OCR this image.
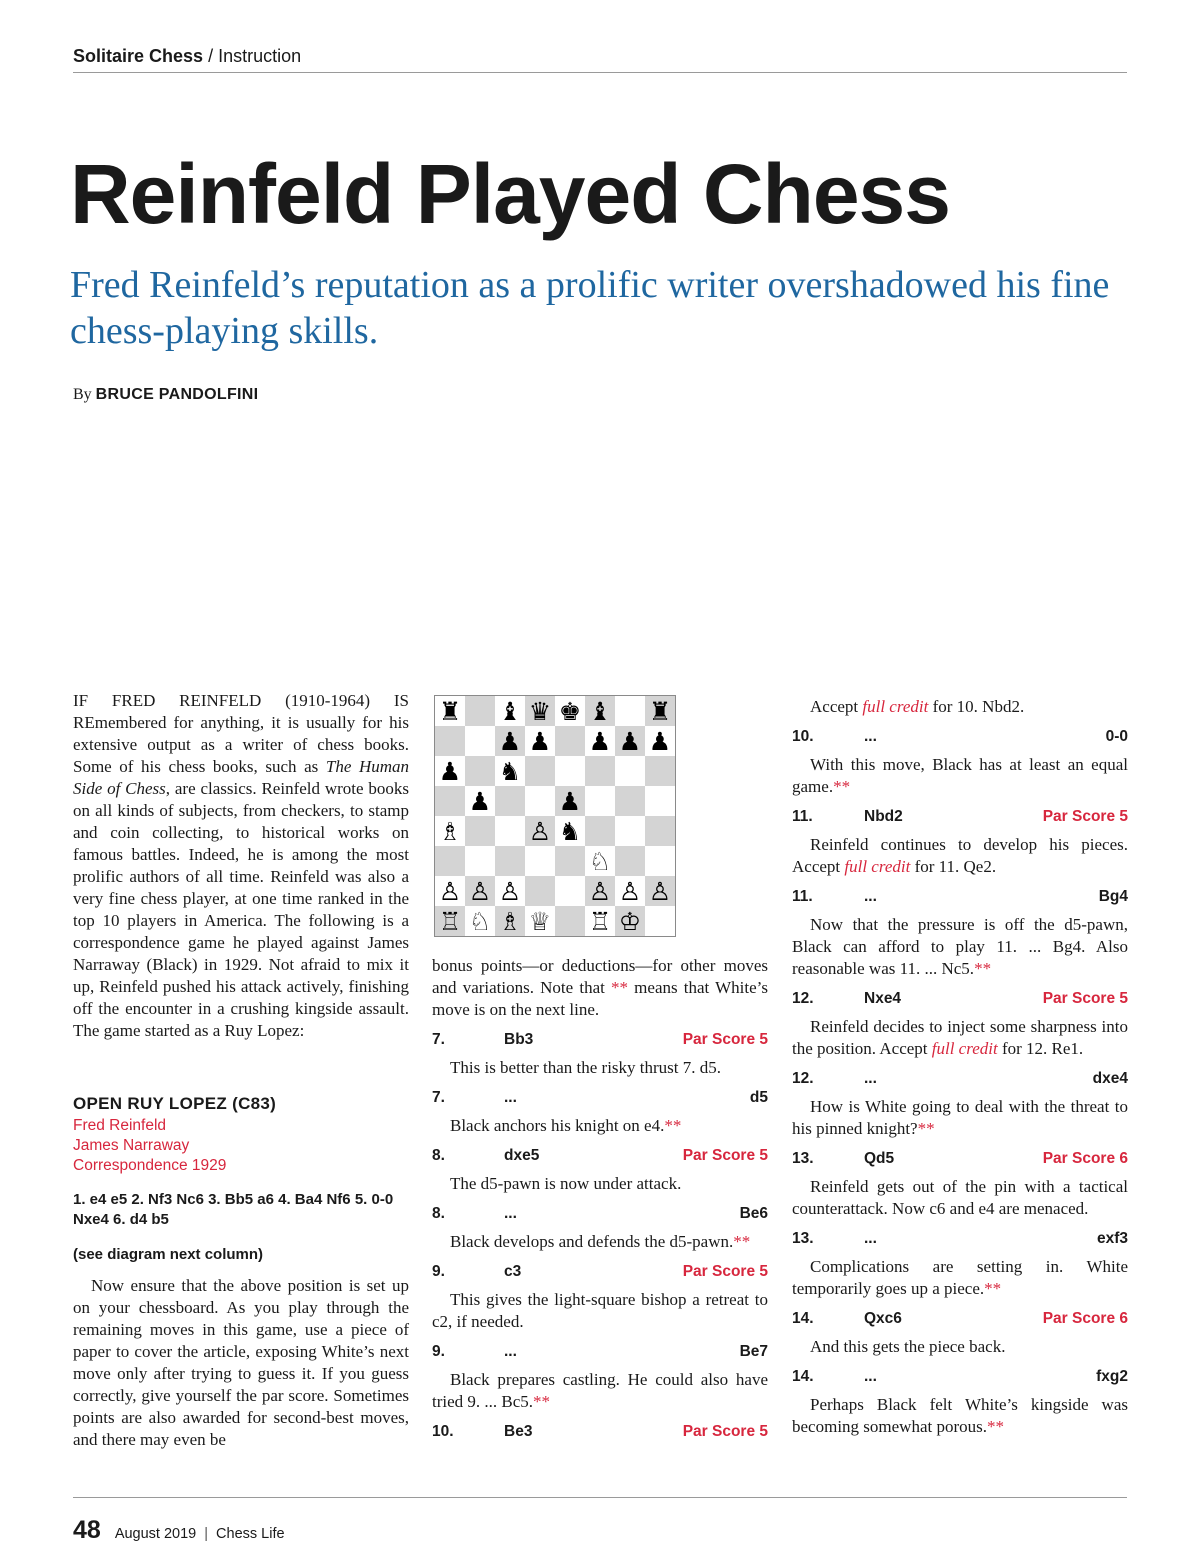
Solitaire Chess / Instruction
Reinfeld Played Chess
Fred Reinfeld’s reputation as a prolific writer overshadowed his fine chess-playing skills.
By BRUCE PANDOLFINI

IF FRED REINFELD (1910-1964) IS REmembered for anything, it is usually for his extensive output as a writer of chess books. Some of his chess books, such as The Human Side of Chess, are classics. Reinfeld wrote books on all kinds of subjects, from checkers, to stamp and coin collecting, to historical works on famous battles. Indeed, he is among the most prolific authors of all time. Reinfeld was also a very fine chess player, at one time ranked in the top 10 players in America. The following is a correspondence game he played against James Narraway (Black) in 1929. Not afraid to mix it up, Reinfeld pushed his attack actively, finishing off the encounter in a crushing kingside assault. The game started as a Ruy Lopez:

OPEN RUY LOPEZ (C83)
Fred Reinfeld
James Narraway
Correspondence 1929
1. e4 e5 2. Nf3 Nc6 3. Bb5 a6 4. Ba4 Nf6 5. 0-0 Nxe4 6. d4 b5
(see diagram next column)

Now ensure that the above position is set up on your chessboard. As you play through the remaining moves in this game, use a piece of paper to cover the article, exposing White’s next move only after trying to guess it. If you guess correctly, give yourself the par score. Sometimes points are also awarded for second-best moves, and there may even be

♜ ♝ ♛ ♚ ♝ ♜
♟ ♟ ♟ ♟ ♟
♟ ♞
♟	♟
♗	♙ ♞
♘
♙ ♙ ♙	♙ ♙ ♙
♖ ♘ ♗ ♕ ♖ ♔

bonus points—or deductions—for other moves and variations. Note that ** means that White’s move is on the next line.

7.	Bb3	Par Score 5

This is better than the risky thrust 7. d5.

7.	...	d5

Black anchors his knight on e4.**

8.	dxe5	Par Score 5

The d5-pawn is now under attack.

8.	...	Be6

Black develops and defends the d5-pawn.**

9.	c3	Par Score 5

This gives the light-square bishop a retreat to c2, if needed.

9.	...	Be7

Black prepares castling. He could also have tried 9. ... Bc5.**

10.	Be3	Par Score 5

Accept full credit for 10. Nbd2.

10.	...	0-0

With this move, Black has at least an equal game.**

11.	Nbd2	Par Score 5

Reinfeld continues to develop his pieces. Accept full credit for 11. Qe2.

11.	...	Bg4

Now that the pressure is off the d5-pawn, Black can afford to play 11. ... Bg4. Also reasonable was 11. ... Nc5.**

12.	Nxe4	Par Score 5

Reinfeld decides to inject some sharpness into the position. Accept full credit for 12. Re1.

12.	...	dxe4

How is White going to deal with the threat to his pinned knight?**

13.	Qd5	Par Score 6

Reinfeld gets out of the pin with a tactical counterattack. Now c6 and e4 are menaced.

13.	...	exf3

Complications are setting in. White temporarily goes up a piece.**

14.	Qxc6	Par Score 6

And this gets the piece back.

14.	...	fxg2

Perhaps Black felt White’s kingside was becoming somewhat porous.**

48 August 2019 | Chess Life
